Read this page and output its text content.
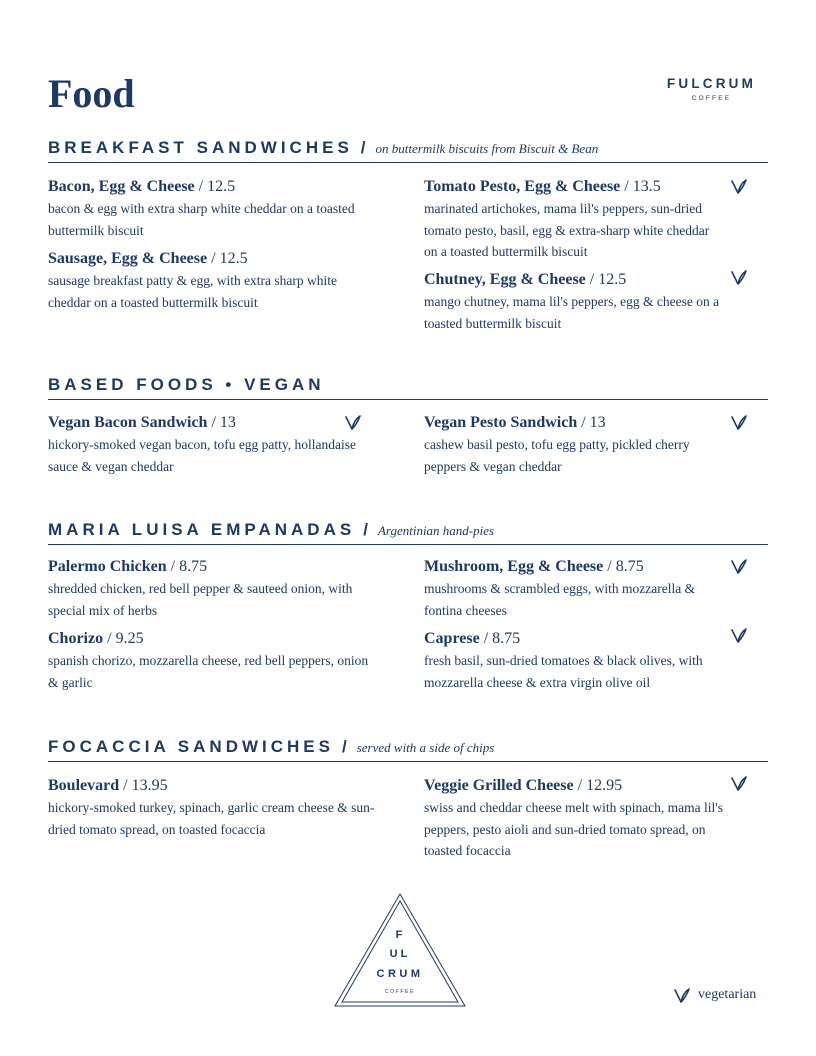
Food	FULCRUM
COFFEE
BREAKFAST SANDWICHES / on buttermilk biscuits from Biscuit & Bean
Bacon, Egg & Cheese / 12.5
bacon & egg with extra sharp white cheddar on a toasted buttermilk biscuit
Sausage, Egg & Cheese / 12.5
sausage breakfast patty & egg, with extra sharp white cheddar on a toasted buttermilk biscuit
Tomato Pesto, Egg & Cheese / 13.5
marinated artichokes, mama lil's peppers, sun-dried tomato pesto, basil, egg & extra-sharp white cheddar on a toasted buttermilk biscuit
Chutney, Egg & Cheese / 12.5
mango chutney, mama lil's peppers, egg & cheese on a toasted buttermilk biscuit
BASED FOODS • VEGAN
Vegan Bacon Sandwich / 13
hickory-smoked vegan bacon, tofu egg patty, hollandaise sauce & vegan cheddar
Vegan Pesto Sandwich / 13
cashew basil pesto, tofu egg patty, pickled cherry peppers & vegan cheddar
MARIA LUISA EMPANADAS / Argentinian hand-pies
Palermo Chicken / 8.75
shredded chicken, red bell pepper & sauteed onion, with special mix of herbs
Chorizo / 9.25
spanish chorizo, mozzarella cheese, red bell peppers, onion & garlic
Mushroom, Egg & Cheese / 8.75
mushrooms & scrambled eggs, with mozzarella & fontina cheeses
Caprese / 8.75
fresh basil, sun-dried tomatoes & black olives, with mozzarella cheese & extra virgin olive oil
FOCACCIA SANDWICHES / served with a side of chips
Boulevard / 13.95
hickory-smoked turkey, spinach, garlic cream cheese & sun-dried tomato spread, on toasted focaccia
Veggie Grilled Cheese / 12.95
swiss and cheddar cheese melt with spinach, mama lil's peppers, pesto aioli and sun-dried tomato spread, on toasted focaccia
F
UL
CRUM
COFFEE	vegetarian
